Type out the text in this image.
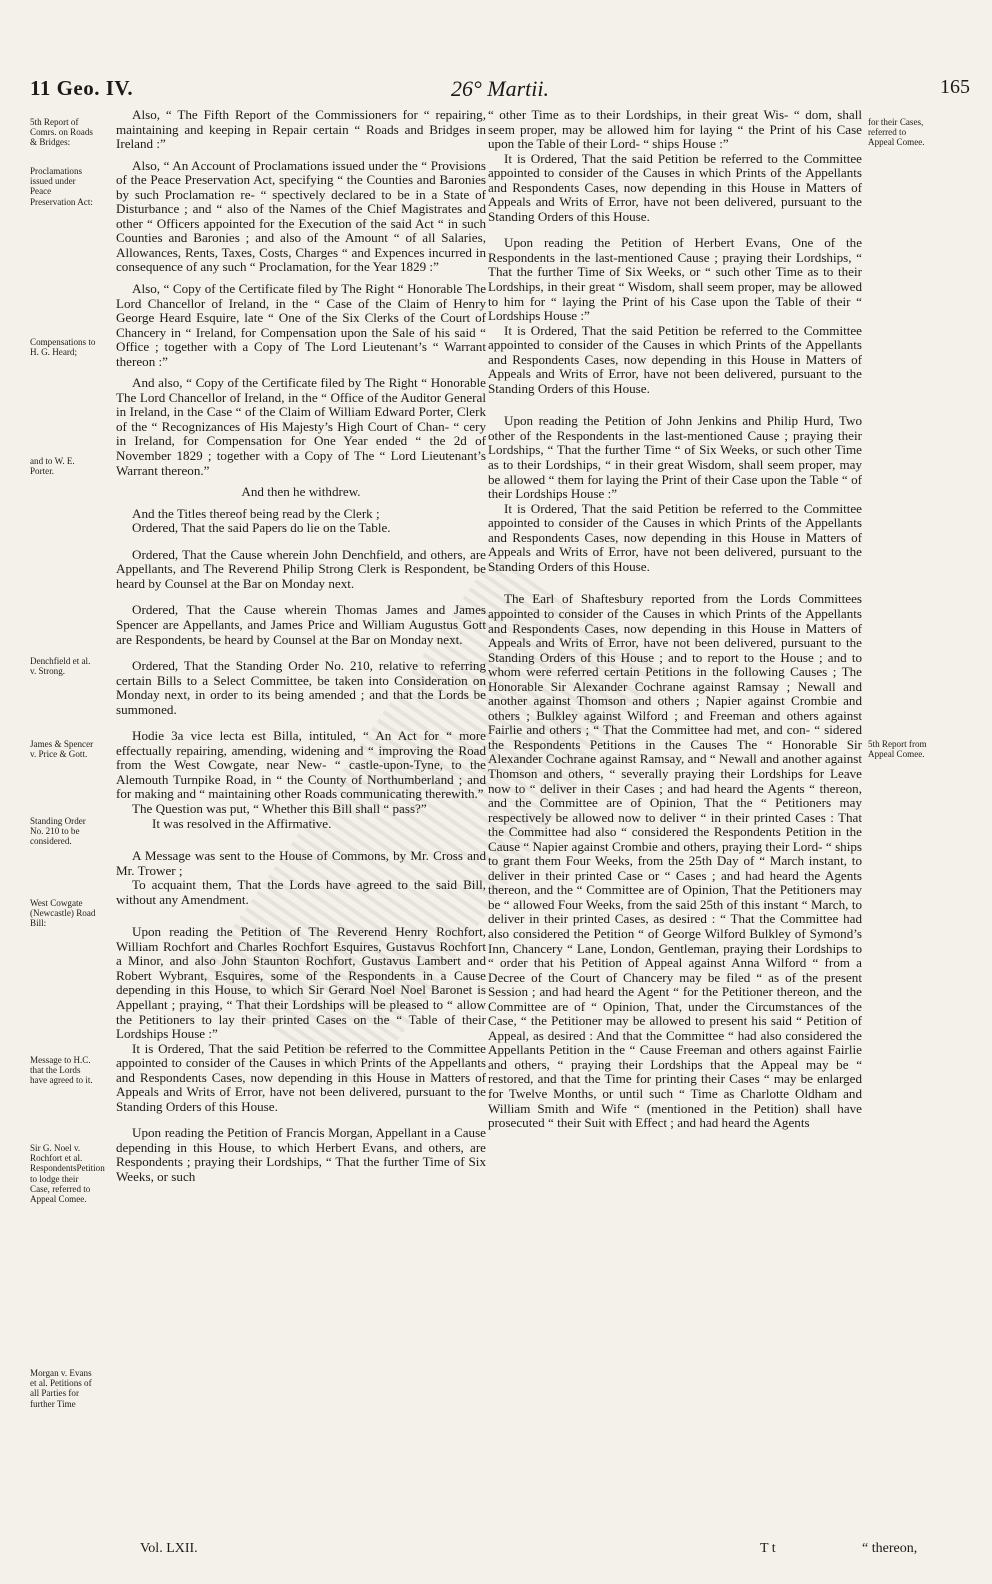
11 Geo. IV.	26° Martii.	165
5th Report of Comrs. on Roads & Bridges:
Proclamations issued under Peace Preservation Act:
Compensations to H. G. Heard;
and to W. E. Porter.
Denchfield et al. v. Strong.
James & Spencer v. Price & Gott.
Standing Order No. 210 to be considered.
West Cowgate (Newcastle) Road Bill:
Message to H.C. that the Lords have agreed to it.
Sir G. Noel v. Rochfort et al. RespondentsPetition to lodge their Case, referred to Appeal Comee.
Morgan v. Evans et al. Petitions of all Parties for further Time
for their Cases, referred to Appeal Comee.
5th Report from Appeal Comee.

Also, “ The Fifth Report of the Commissioners for “ repairing, maintaining and keeping in Repair certain “ Roads and Bridges in Ireland :”

Also, “ An Account of Proclamations issued under the “ Provisions of the Peace Preservation Act, specifying “ the Counties and Baronies by such Proclamation re- “ spectively declared to be in a State of Disturbance ; and “ also of the Names of the Chief Magistrates and other “ Officers appointed for the Execution of the said Act “ in such Counties and Baronies ; and also of the Amount “ of all Salaries, Allowances, Rents, Taxes, Costs, Charges “ and Expences incurred in consequence of any such “ Proclamation, for the Year 1829 :”

Also, “ Copy of the Certificate filed by The Right “ Honorable The Lord Chancellor of Ireland, in the “ Case of the Claim of Henry George Heard Esquire, late “ One of the Six Clerks of the Court of Chancery in “ Ireland, for Compensation upon the Sale of his said “ Office ; together with a Copy of The Lord Lieutenant’s “ Warrant thereon :”

And also, “ Copy of the Certificate filed by The Right “ Honorable The Lord Chancellor of Ireland, in the “ Office of the Auditor General in Ireland, in the Case “ of the Claim of William Edward Porter, Clerk of the “ Recognizances of His Majesty’s High Court of Chan- “ cery in Ireland, for Compensation for One Year ended “ the 2d of November 1829 ; together with a Copy of The “ Lord Lieutenant’s Warrant thereon.”

And then he withdrew.

And the Titles thereof being read by the Clerk ;

Ordered, That the said Papers do lie on the Table.

Ordered, That the Cause wherein John Denchfield, and others, are Appellants, and The Reverend Philip Strong Clerk is Respondent, be heard by Counsel at the Bar on Monday next.

Ordered, That the Cause wherein Thomas James and James Spencer are Appellants, and James Price and William Augustus Gott are Respondents, be heard by Counsel at the Bar on Monday next.

Ordered, That the Standing Order No. 210, relative to referring certain Bills to a Select Committee, be taken into Consideration on Monday next, in order to its being amended ; and that the Lords be summoned.

Hodie 3a vice lecta est Billa, intituled, “ An Act for “ more effectually repairing, amending, widening and “ improving the Road from the West Cowgate, near New- “ castle-upon-Tyne, to the Alemouth Turnpike Road, in “ the County of Northumberland ; and for making and “ maintaining other Roads communicating therewith.”

The Question was put, “ Whether this Bill shall “ pass?”

It was resolved in the Affirmative.

A Message was sent to the House of Commons, by Mr. Cross and Mr. Trower ;

To acquaint them, That the Lords have agreed to the said Bill, without any Amendment.

Upon reading the Petition of The Reverend Henry Rochfort, William Rochfort and Charles Rochfort Esquires, Gustavus Rochfort a Minor, and also John Staunton Rochfort, Gustavus Lambert and Robert Wybrant, Esquires, some of the Respondents in a Cause depending in this House, to which Sir Gerard Noel Noel Baronet is Appellant ; praying, “ That their Lordships will be pleased to “ allow the Petitioners to lay their printed Cases on the “ Table of their Lordships House :”

It is Ordered, That the said Petition be referred to the Committee appointed to consider of the Causes in which Prints of the Appellants and Respondents Cases, now depending in this House in Matters of Appeals and Writs of Error, have not been delivered, pursuant to the Standing Orders of this House.

Upon reading the Petition of Francis Morgan, Appellant in a Cause depending in this House, to which Herbert Evans, and others, are Respondents ; praying their Lordships, “ That the further Time of Six Weeks, or such

“ other Time as to their Lordships, in their great Wis- “ dom, shall seem proper, may be allowed him for laying “ the Print of his Case upon the Table of their Lord- “ ships House :”

It is Ordered, That the said Petition be referred to the Committee appointed to consider of the Causes in which Prints of the Appellants and Respondents Cases, now depending in this House in Matters of Appeals and Writs of Error, have not been delivered, pursuant to the Standing Orders of this House.

Upon reading the Petition of Herbert Evans, One of the Respondents in the last-mentioned Cause ; praying their Lordships, “ That the further Time of Six Weeks, or “ such other Time as to their Lordships, in their great “ Wisdom, shall seem proper, may be allowed to him for “ laying the Print of his Case upon the Table of their “ Lordships House :”

It is Ordered, That the said Petition be referred to the Committee appointed to consider of the Causes in which Prints of the Appellants and Respondents Cases, now depending in this House in Matters of Appeals and Writs of Error, have not been delivered, pursuant to the Standing Orders of this House.

Upon reading the Petition of John Jenkins and Philip Hurd, Two other of the Respondents in the last-mentioned Cause ; praying their Lordships, “ That the further Time “ of Six Weeks, or such other Time as to their Lordships, “ in their great Wisdom, shall seem proper, may be allowed “ them for laying the Print of their Case upon the Table “ of their Lordships House :”

It is Ordered, That the said Petition be referred to the Committee appointed to consider of the Causes in which Prints of the Appellants and Respondents Cases, now depending in this House in Matters of Appeals and Writs of Error, have not been delivered, pursuant to the Standing Orders of this House.

The Earl of Shaftesbury reported from the Lords Committees appointed to consider of the Causes in which Prints of the Appellants and Respondents Cases, now depending in this House in Matters of Appeals and Writs of Error, have not been delivered, pursuant to the Standing Orders of this House ; and to report to the House ; and to whom were referred certain Petitions in the following Causes ; The Honorable Sir Alexander Cochrane against Ramsay ; Newall and another against Thomson and others ; Napier against Crombie and others ; Bulkley against Wilford ; and Freeman and others against Fairlie and others ; “ That the Committee had met, and con- “ sidered the Respondents Petitions in the Causes The “ Honorable Sir Alexander Cochrane against Ramsay, and “ Newall and another against Thomson and others, “ severally praying their Lordships for Leave now to “ deliver in their Cases ; and had heard the Agents “ thereon, and the Committee are of Opinion, That the “ Petitioners may respectively be allowed now to deliver “ in their printed Cases : That the Committee had also “ considered the Respondents Petition in the Cause “ Napier against Crombie and others, praying their Lord- “ ships to grant them Four Weeks, from the 25th Day of “ March instant, to deliver in their printed Case or “ Cases ; and had heard the Agents thereon, and the “ Committee are of Opinion, That the Petitioners may be “ allowed Four Weeks, from the said 25th of this instant “ March, to deliver in their printed Cases, as desired : “ That the Committee had also considered the Petition “ of George Wilford Bulkley of Symond’s Inn, Chancery “ Lane, London, Gentleman, praying their Lordships to “ order that his Petition of Appeal against Anna Wilford “ from a Decree of the Court of Chancery may be filed “ as of the present Session ; and had heard the Agent “ for the Petitioner thereon, and the Committee are of “ Opinion, That, under the Circumstances of the Case, “ the Petitioner may be allowed to present his said “ Petition of Appeal, as desired : And that the Committee “ had also considered the Appellants Petition in the “ Cause Freeman and others against Fairlie and others, “ praying their Lordships that the Appeal may be “ restored, and that the Time for printing their Cases “ may be enlarged for Twelve Months, or until such “ Time as Charlotte Oldham and William Smith and Wife “ (mentioned in the Petition) shall have prosecuted “ their Suit with Effect ; and had heard the Agents

Vol. LXII.	T t	“ thereon,
